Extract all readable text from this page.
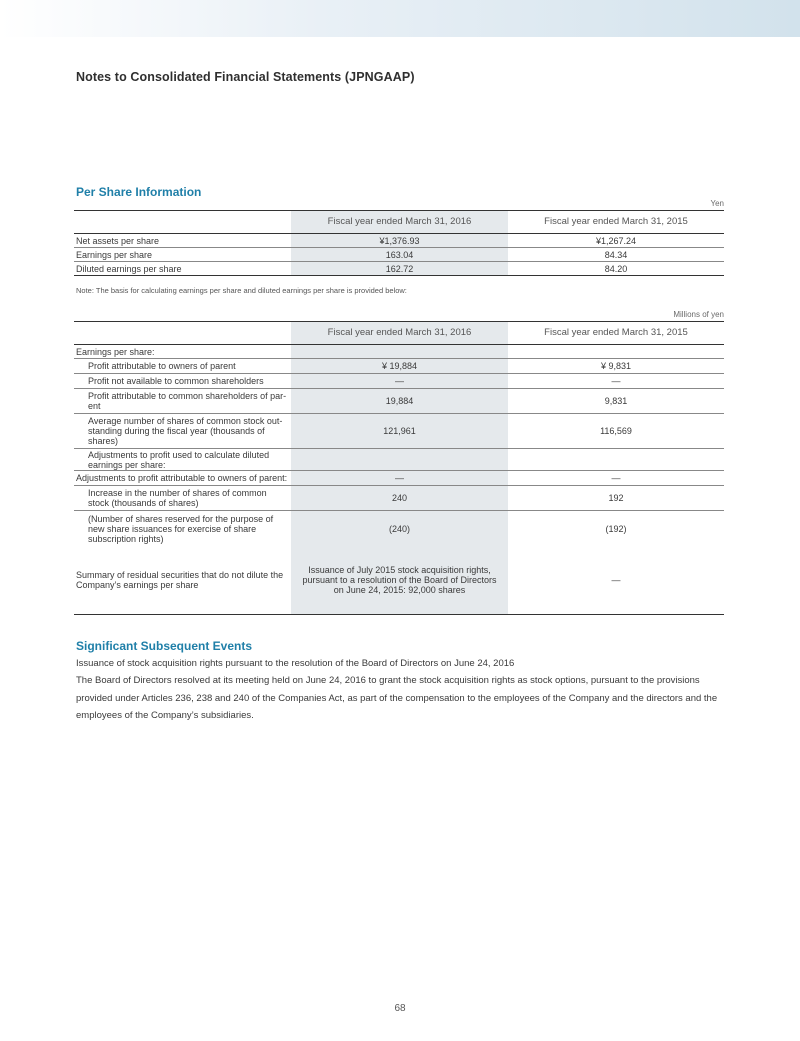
Notes to Consolidated Financial Statements (JPNGAAP)
Per Share Information
Yen
	Fiscal year ended March 31, 2016	Fiscal year ended March 31, 2015
Net assets per share	¥1,376.93	¥1,267.24
Earnings per share	163.04	84.34
Diluted earnings per share	162.72	84.20
Note: The basis for calculating earnings per share and diluted earnings per share is provided below:
Millions of yen
	Fiscal year ended March 31, 2016	Fiscal year ended March 31, 2015
Earnings per share:		
Profit attributable to owners of parent	¥ 19,884	¥ 9,831
Profit not available to common shareholders	—	—
Profit attributable to common shareholders of par-ent	19,884	9,831
Average number of shares of common stock out-standing during the fiscal year (thousands of shares)	121,961	116,569
Adjustments to profit used to calculate diluted earnings per share:		
Adjustments to profit attributable to owners of parent:	—	—
Increase in the number of shares of common stock (thousands of shares)	240	192
(Number of shares reserved for the purpose of new share issuances for exercise of share subscription rights)	(240)	(192)
Summary of residual securities that do not dilute the Company’s earnings per share	Issuance of July 2015 stock acquisition rights, pursuant to a resolution of the Board of Directors on June 24, 2015: 92,000 shares	—
Significant Subsequent Events
Issuance of stock acquisition rights pursuant to the resolution of the Board of Directors on June 24, 2016
The Board of Directors resolved at its meeting held on June 24, 2016 to grant the stock acquisition rights as stock options, pursuant to the provisions provided under Articles 236, 238 and 240 of the Companies Act, as part of the compensation to the employees of the Company and the directors and the employees of the Company’s subsidiaries.
68
